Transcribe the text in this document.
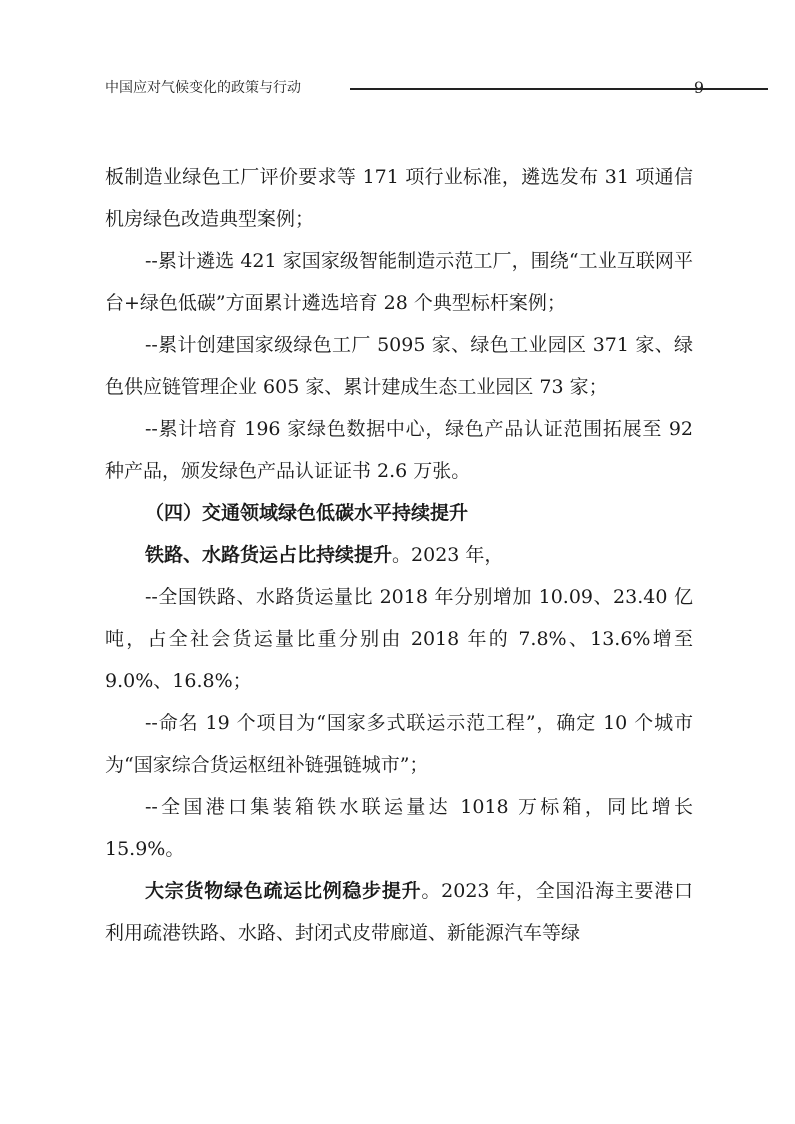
中国应对气候变化的政策与行动	9

板制造业绿色工厂评价要求等 171 项行业标准，遴选发布 31 项通信机房绿色改造典型案例；

--累计遴选 421 家国家级智能制造示范工厂，围绕“工业互联网平台+绿色低碳”方面累计遴选培育 28 个典型标杆案例；

--累计创建国家级绿色工厂 5095 家、绿色工业园区 371 家、绿色供应链管理企业 605 家、累计建成生态工业园区 73 家；

--累计培育 196 家绿色数据中心，绿色产品认证范围拓展至 92 种产品，颁发绿色产品认证证书 2.6 万张。

（四）交通领域绿色低碳水平持续提升

铁路、水路货运占比持续提升。2023 年，

--全国铁路、水路货运量比 2018 年分别增加 10.09、23.40 亿吨，占全社会货运量比重分别由 2018 年的 7.8%、13.6%增至 9.0%、16.8%；

--命名 19 个项目为“国家多式联运示范工程”，确定 10 个城市为“国家综合货运枢纽补链强链城市”；

--全国港口集装箱铁水联运量达 1018 万标箱，同比增长 15.9%。

大宗货物绿色疏运比例稳步提升。2023 年，全国沿海主要港口利用疏港铁路、水路、封闭式皮带廊道、新能源汽车等绿
